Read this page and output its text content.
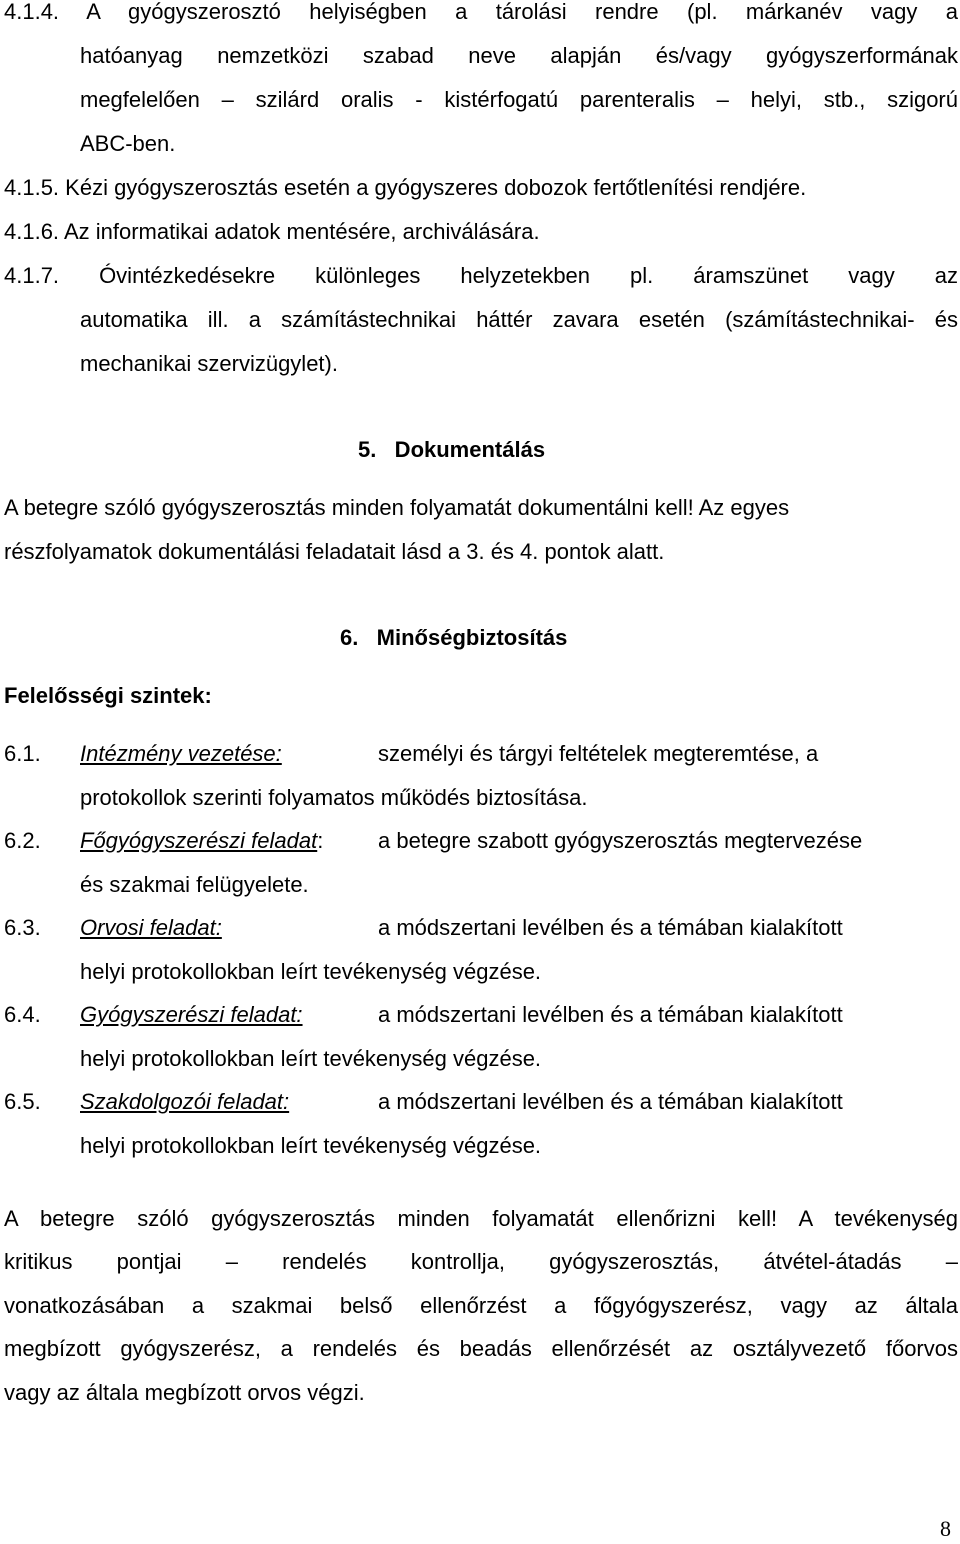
4.1.4. A gyógyszerosztó helyiségben a tárolási rendre (pl. márkanév vagy a
hatóanyag nemzetközi szabad neve alapján és/vagy gyógyszerformának
megfelelően – szilárd oralis - kistérfogatú parenteralis – helyi, stb., szigorú
ABC-ben.
4.1.5. Kézi gyógyszerosztás esetén a gyógyszeres dobozok fertőtlenítési rendjére.
4.1.6. Az informatikai adatok mentésére, archiválására.
4.1.7. Óvintézkedésekre különleges helyzetekben pl. áramszünet vagy az
automatika ill. a számítástechnikai háttér zavara esetén (számítástechnikai- és
mechanikai szervizügylet).
5.   Dokumentálás
A betegre szóló gyógyszerosztás minden folyamatát dokumentálni kell! Az egyes
részfolyamatok dokumentálási feladatait lásd a 3. és 4. pontok alatt.
6.   Minőségbiztosítás
Felelősségi szintek:
6.1. Intézmény vezetése:	személyi és tárgyi feltételek megteremtése, a
protokollok szerinti folyamatos működés biztosítása.
6.2. Főgyógyszerészi feladat: a betegre szabott gyógyszerosztás megtervezése
és szakmai felügyelete.
6.3. Orvosi feladat:	a módszertani levélben és a témában kialakított
helyi protokollokban leírt tevékenység végzése.
6.4. Gyógyszerészi feladat:	a módszertani levélben és a témában kialakított
helyi protokollokban leírt tevékenység végzése.
6.5. Szakdolgozói feladat:	a módszertani levélben és a témában kialakított
helyi protokollokban leírt tevékenység végzése.
A betegre szóló gyógyszerosztás minden folyamatát ellenőrizni kell! A tevékenység
kritikus pontjai – rendelés kontrollja, gyógyszerosztás, átvétel-átadás –
vonatkozásában a szakmai belső ellenőrzést a főgyógyszerész, vagy az általa
megbízott gyógyszerész, a rendelés és beadás ellenőrzését az osztályvezető főorvos
vagy az általa megbízott orvos végzi.
8
